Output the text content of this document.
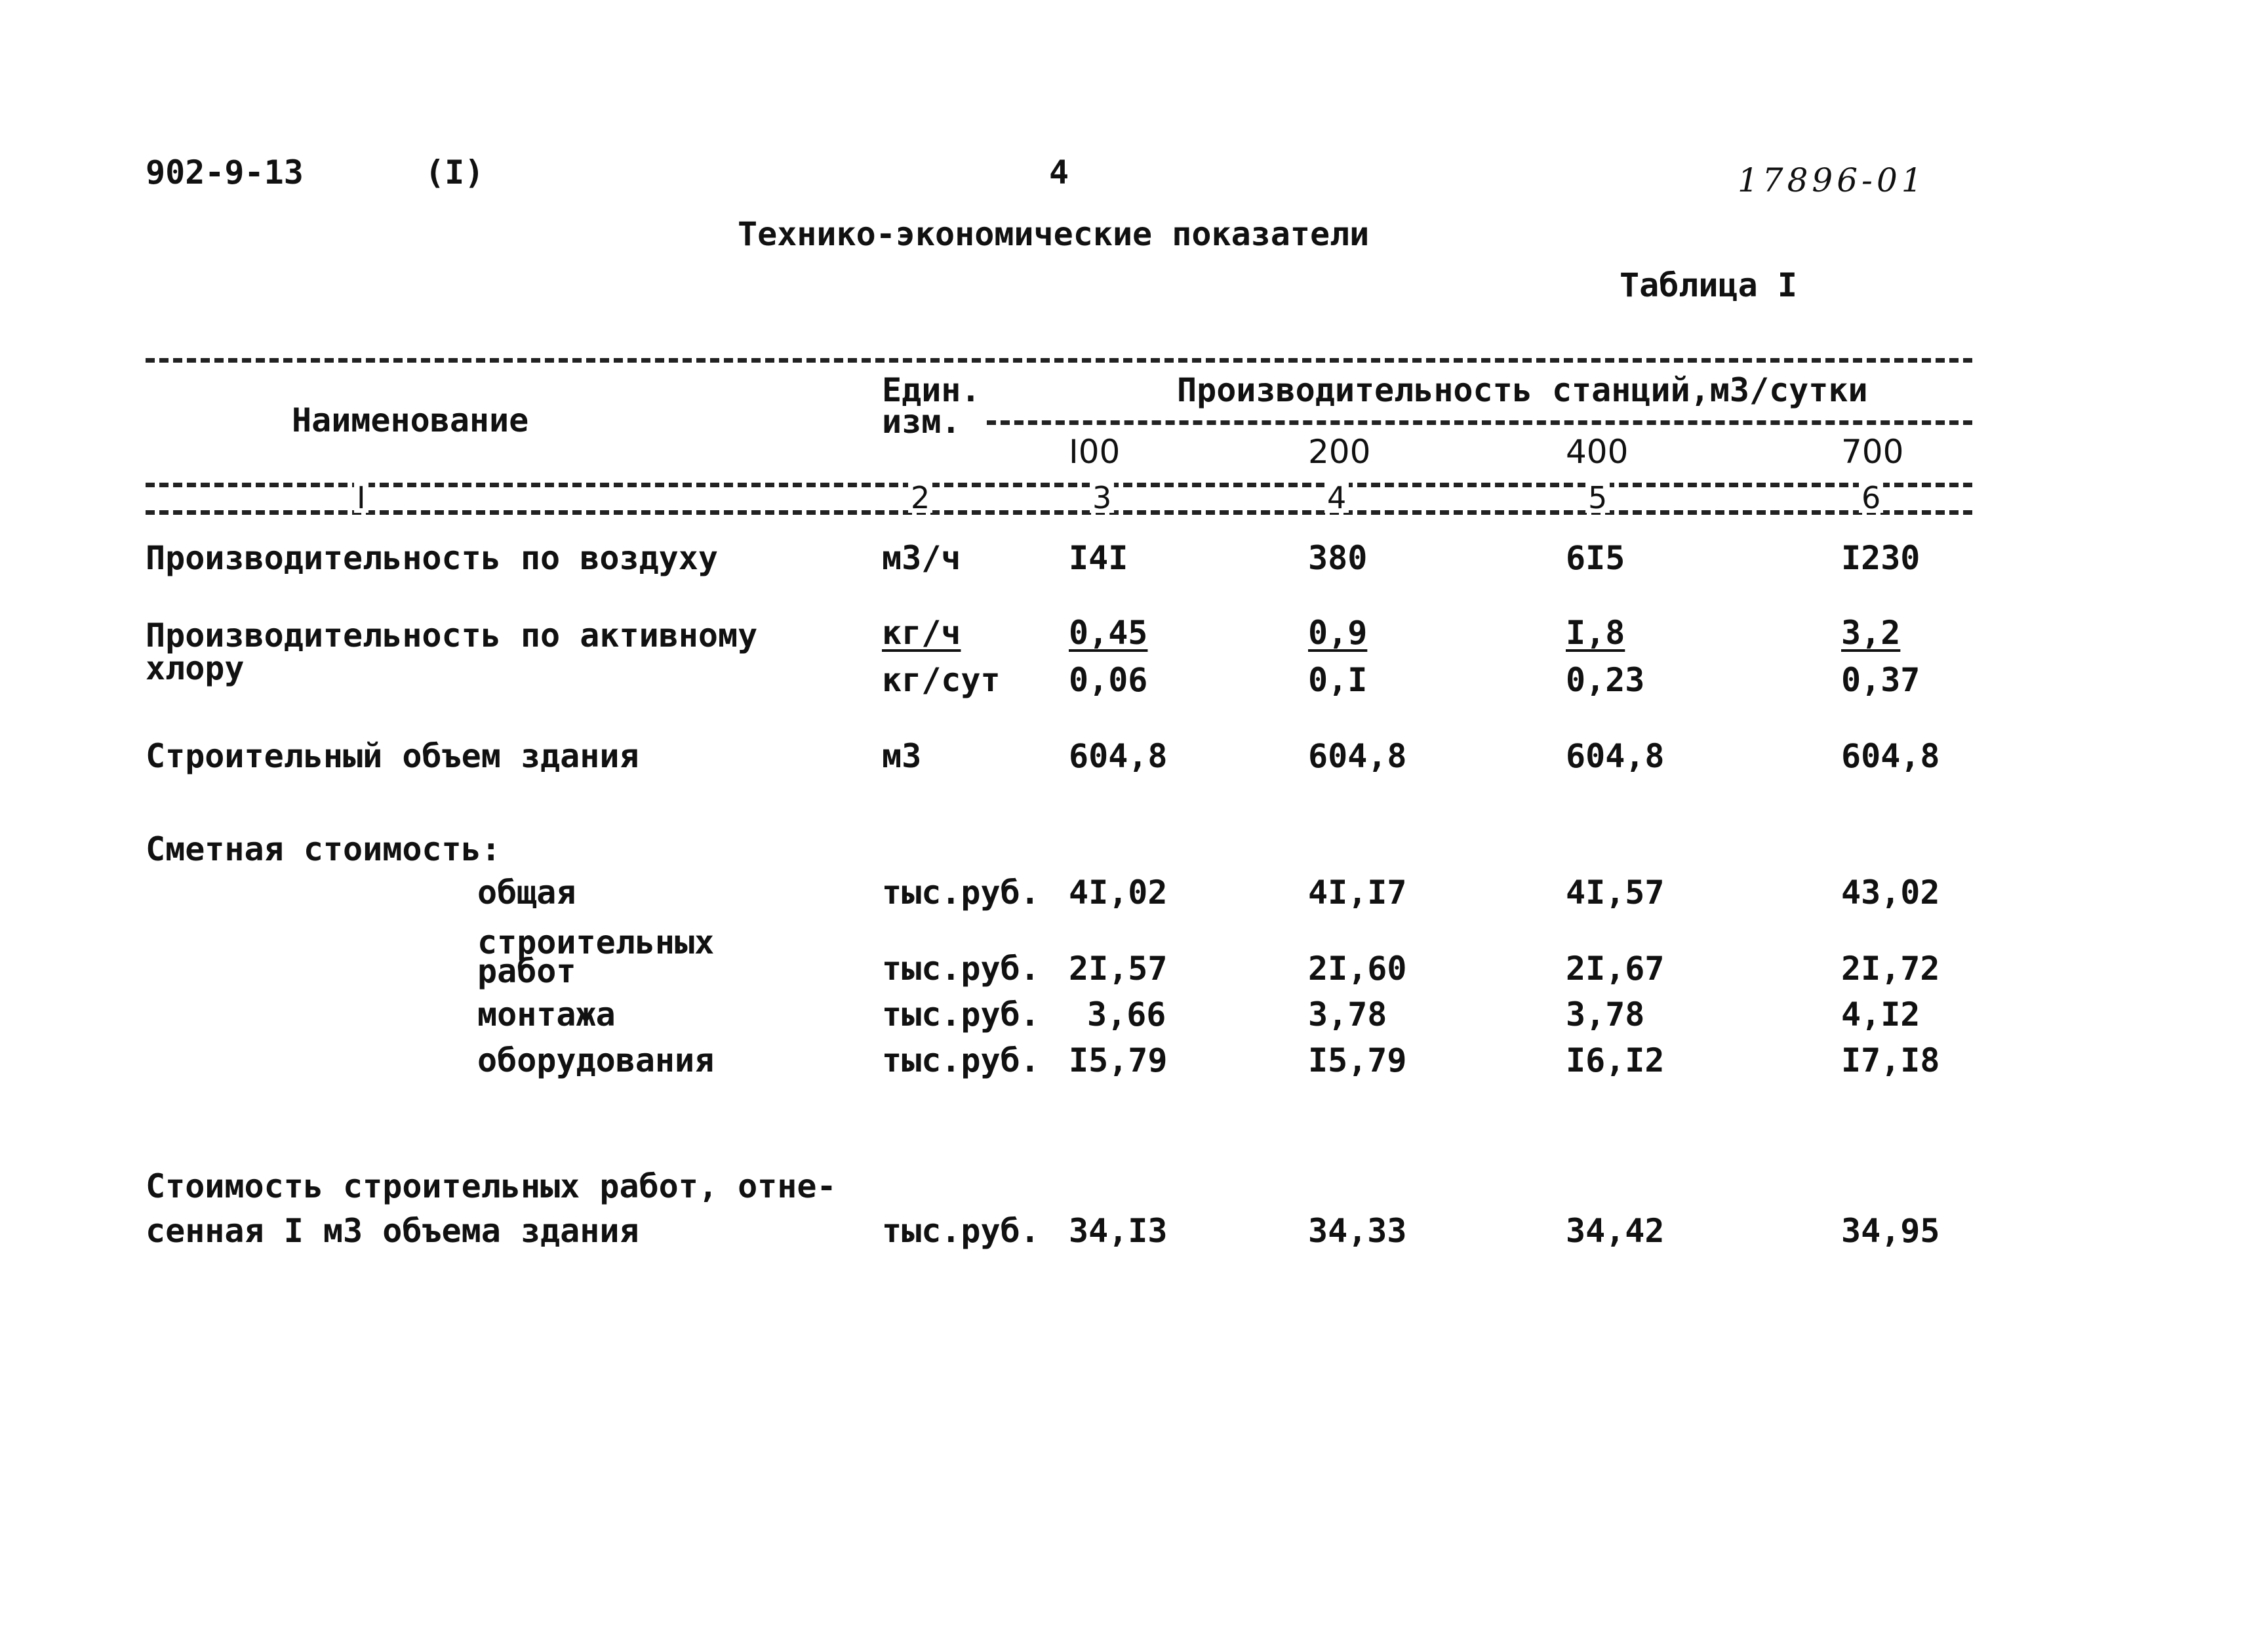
902-9-13	(I)	4	17896-01
Технико-экономические показатели
Таблица I
Наименование
Един.
изм.
Производительность станций,м3/сутки
I00	200	400	700
I	2	3	4	5	6
Производительность по воздуху	м3/ч	I4I	380	6I5	I230
Производительность по активному
хлору
кг/ч	0,45	0,9	I,8	3,2
кг/сут 0,06	0,I	0,23	0,37
Строительный объем здания	м3	604,8	604,8	604,8	604,8
Сметная стоимость:
общая	тыс.руб. 4I,02	4I,I7	4I,57	43,02
строительных
работ	тыс.руб. 2I,57	2I,60	2I,67	2I,72
монтажа	тыс.руб. 3,66	3,78	3,78	4,I2
оборудования	тыс.руб. I5,79	I5,79	I6,I2	I7,I8
Стоимость строительных работ, отне-
сенная I м3 объема здания	тыс.руб. 34,I3	34,33	34,42	34,95
